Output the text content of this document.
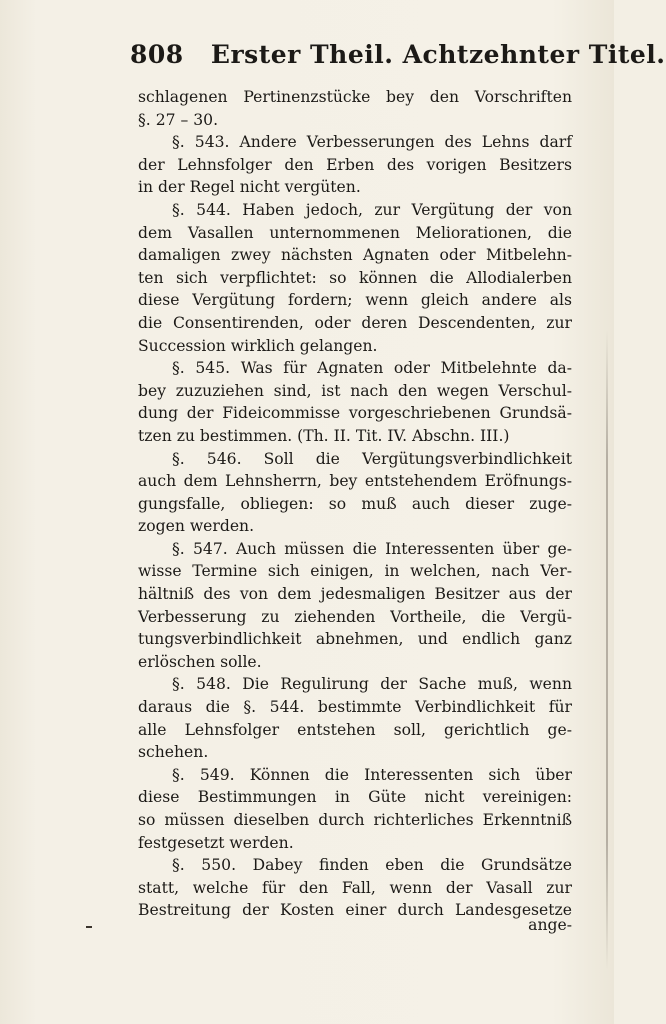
808 Erster Theil. Achtzehnter Titel.
schlagenen Pertinenzstücke bey den Vorschriften
§. 27 – 30.
§. 543. Andere Verbesserungen des Lehns darf
der Lehnsfolger den Erben des vorigen Besitzers
in der Regel nicht vergüten.
§. 544. Haben jedoch, zur Vergütung der von
dem Vasallen unternommenen Meliorationen, die
damaligen zwey nächsten Agnaten oder Mitbelehn-
ten sich verpflichtet: so können die Allodialerben
diese Vergütung fordern; wenn gleich andere als
die Consentirenden, oder deren Descendenten, zur
Succession wirklich gelangen.
§. 545. Was für Agnaten oder Mitbelehnte da-
bey zuzuziehen sind, ist nach den wegen Verschul-
dung der Fideicommisse vorgeschriebenen Grundsä-
tzen zu bestimmen. (Th. II. Tit. IV. Abschn. III.)
§. 546. Soll die Vergütungsverbindlichkeit
auch dem Lehnsherrn, bey entstehendem Eröfnungs-
gungsfalle, obliegen: so muß auch dieser zuge-
zogen werden.
§. 547. Auch müssen die Interessenten über ge-
wisse Termine sich einigen, in welchen, nach Ver-
hältniß des von dem jedesmaligen Besitzer aus der
Verbesserung zu ziehenden Vortheile, die Vergü-
tungsverbindlichkeit abnehmen, und endlich ganz
erlöschen solle.
§. 548. Die Regulirung der Sache muß, wenn
daraus die §. 544. bestimmte Verbindlichkeit für
alle Lehnsfolger entstehen soll, gerichtlich ge-
schehen.
§. 549. Können die Interessenten sich über
diese Bestimmungen in Güte nicht vereinigen:
so müssen dieselben durch richterliches Erkenntniß
festgesetzt werden.
§. 550. Dabey finden eben die Grundsätze
statt, welche für den Fall, wenn der Vasall zur
Bestreitung der Kosten einer durch Landesgesetze
ange-
